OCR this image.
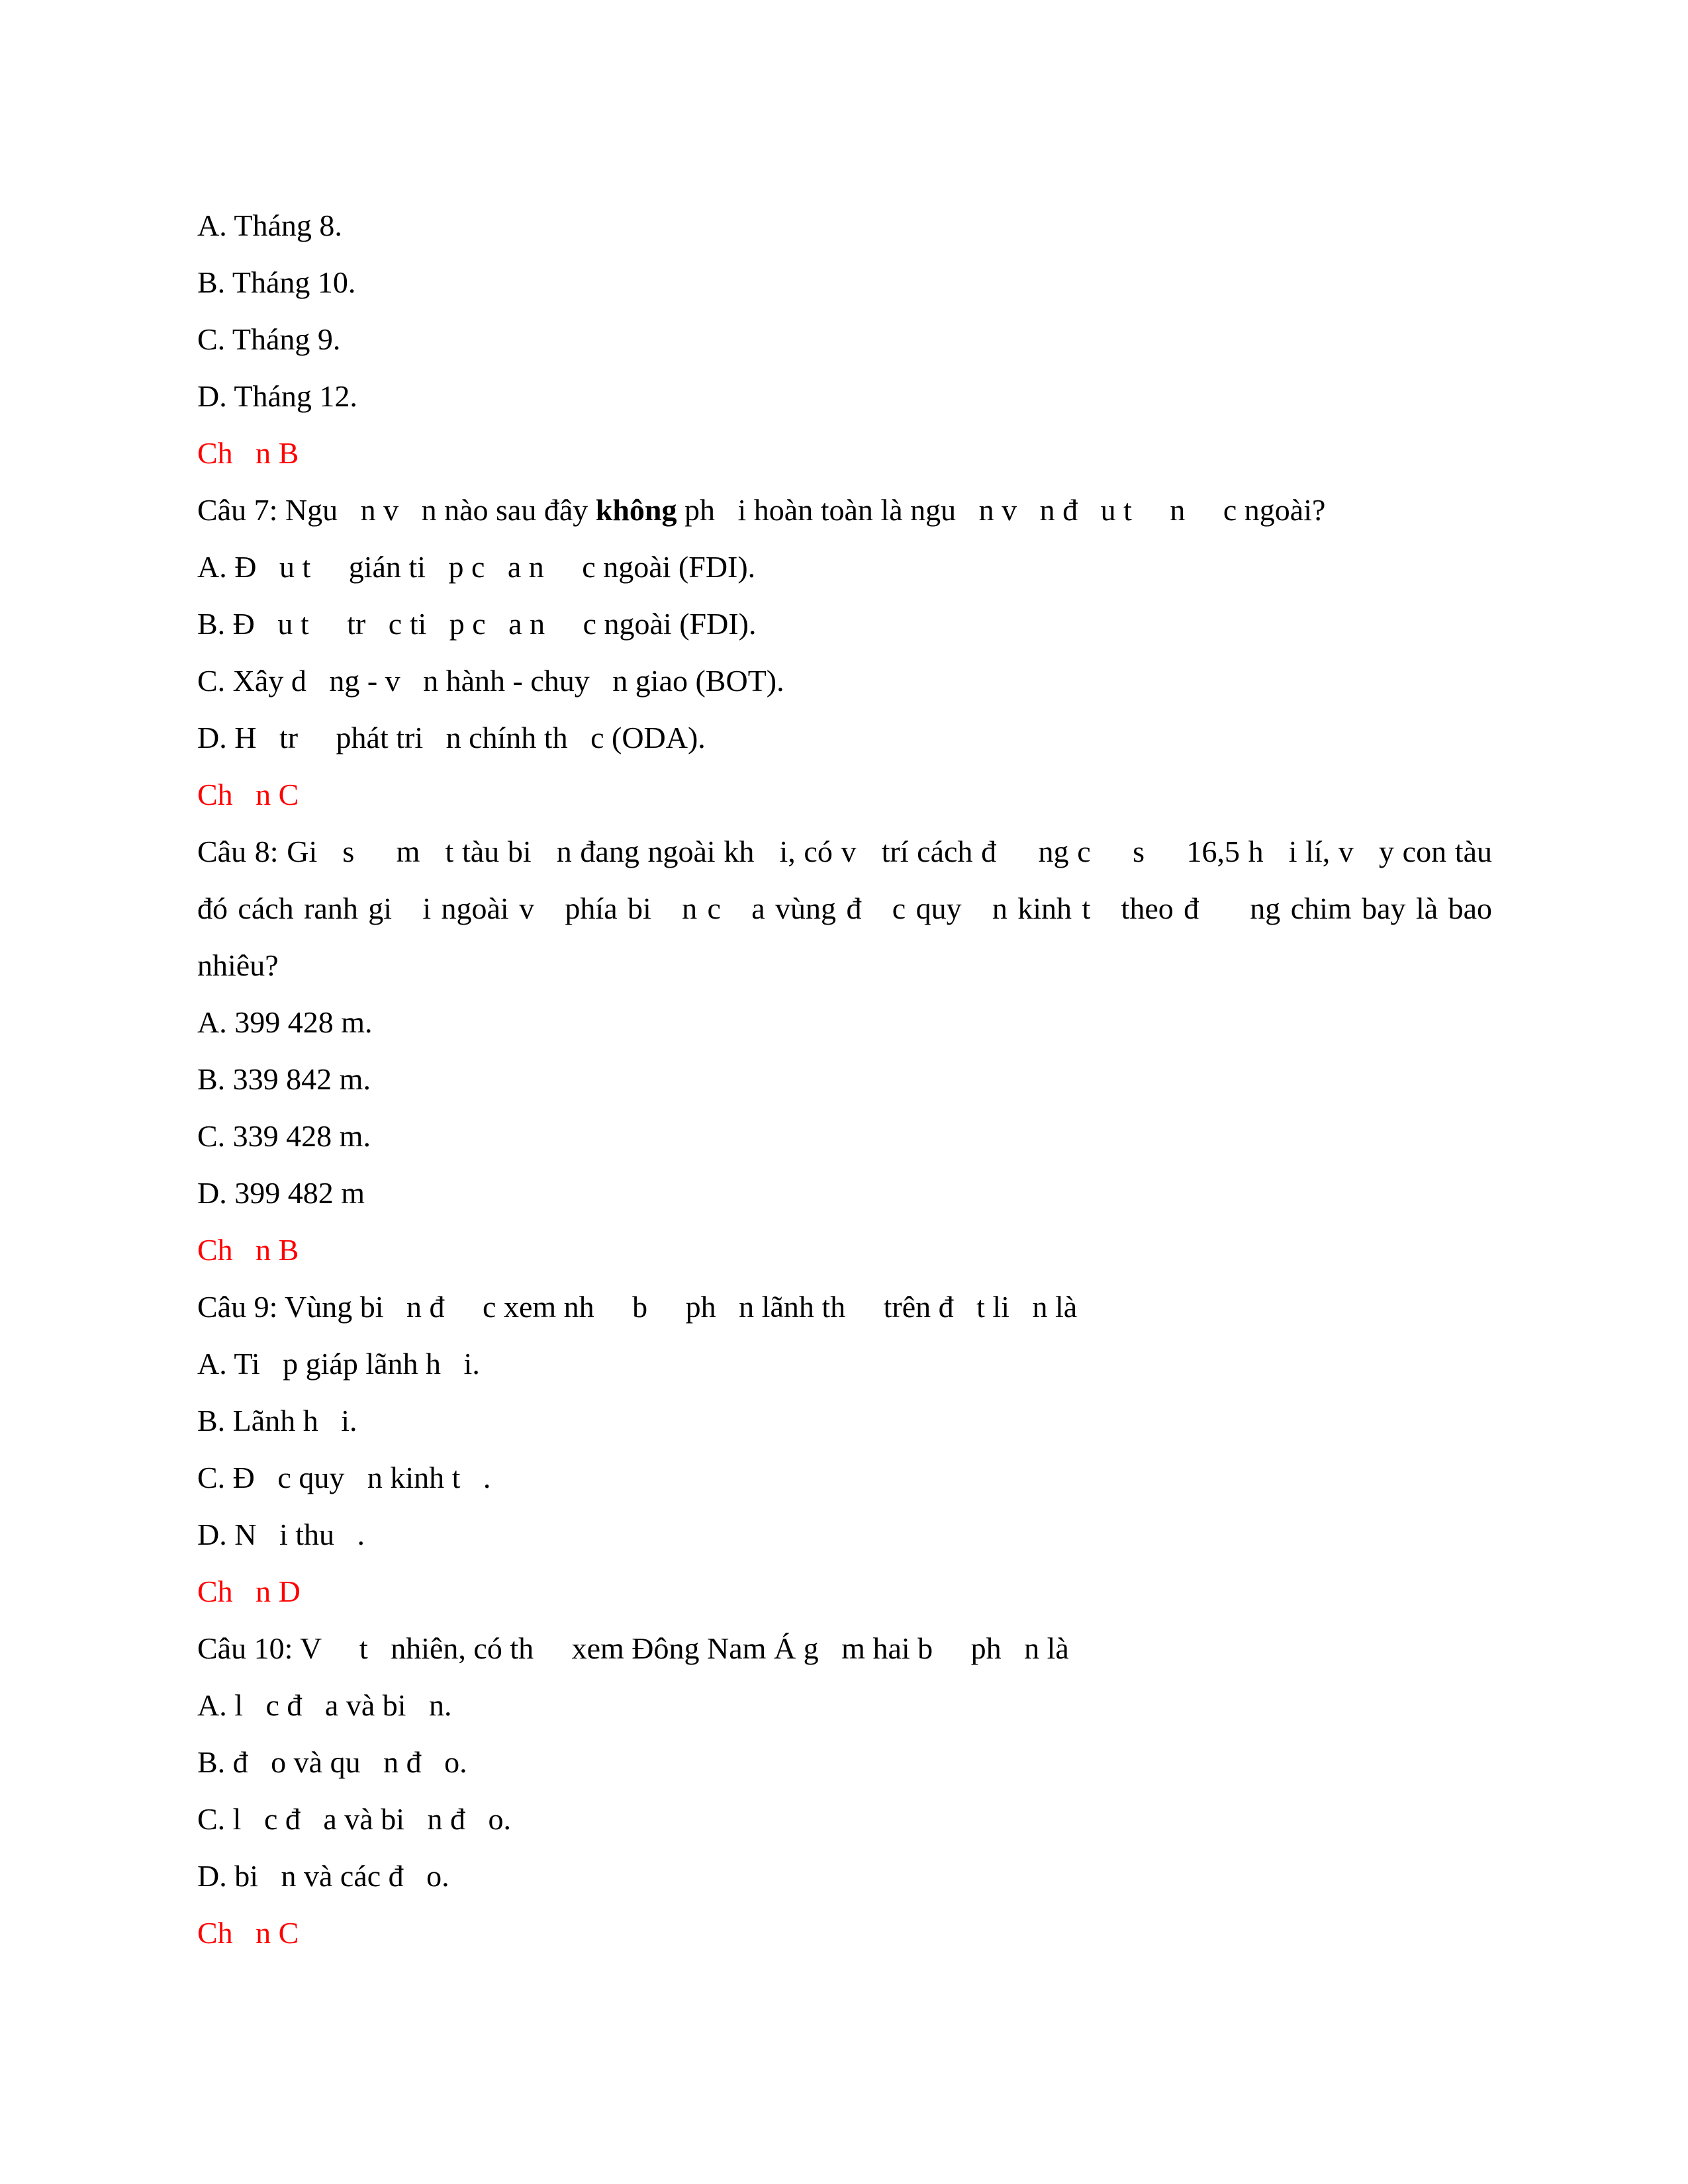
A. Tháng 8.
B. Tháng 10.
C. Tháng 9.
D. Tháng 12.
Ch   n B
Câu 7: Ngu   n v   n nào sau đây không ph   i hoàn toàn là ngu   n v   n đ   u t     n     c ngoài?
A. Đ   u t     gián ti   p c   a n     c ngoài (FDI).
B. Đ   u t     tr   c ti   p c   a n     c ngoài (FDI).
C. Xây d   ng - v   n hành - chuy   n giao (BOT).
D. H   tr     phát tri   n chính th   c (ODA).
Ch   n C
Câu 8: Gi   s     m   t tàu bi   n đang ngoài kh   i, có v   trí cách đ     ng c     s     16,5 h   i lí, v   y con tàu
đó cách ranh gi   i ngoài v   phía bi   n c   a vùng đ   c quy   n kinh t   theo đ     ng chim bay là bao
nhiêu?
A. 399 428 m.
B. 339 842 m.
C. 339 428 m.
D. 399 482 m
Ch   n B
Câu 9: Vùng bi   n đ     c xem nh     b     ph   n lãnh th     trên đ   t li   n là
A. Ti   p giáp lãnh h   i.
B. Lãnh h   i.
C. Đ   c quy   n kinh t   .
D. N   i thu   .
Ch   n D
Câu 10: V     t   nhiên, có th     xem Đông Nam Á g   m hai b     ph   n là
A. l   c đ   a và bi   n.
B. đ   o và qu   n đ   o.
C. l   c đ   a và bi   n đ   o.
D. bi   n và các đ   o.
Ch   n C
